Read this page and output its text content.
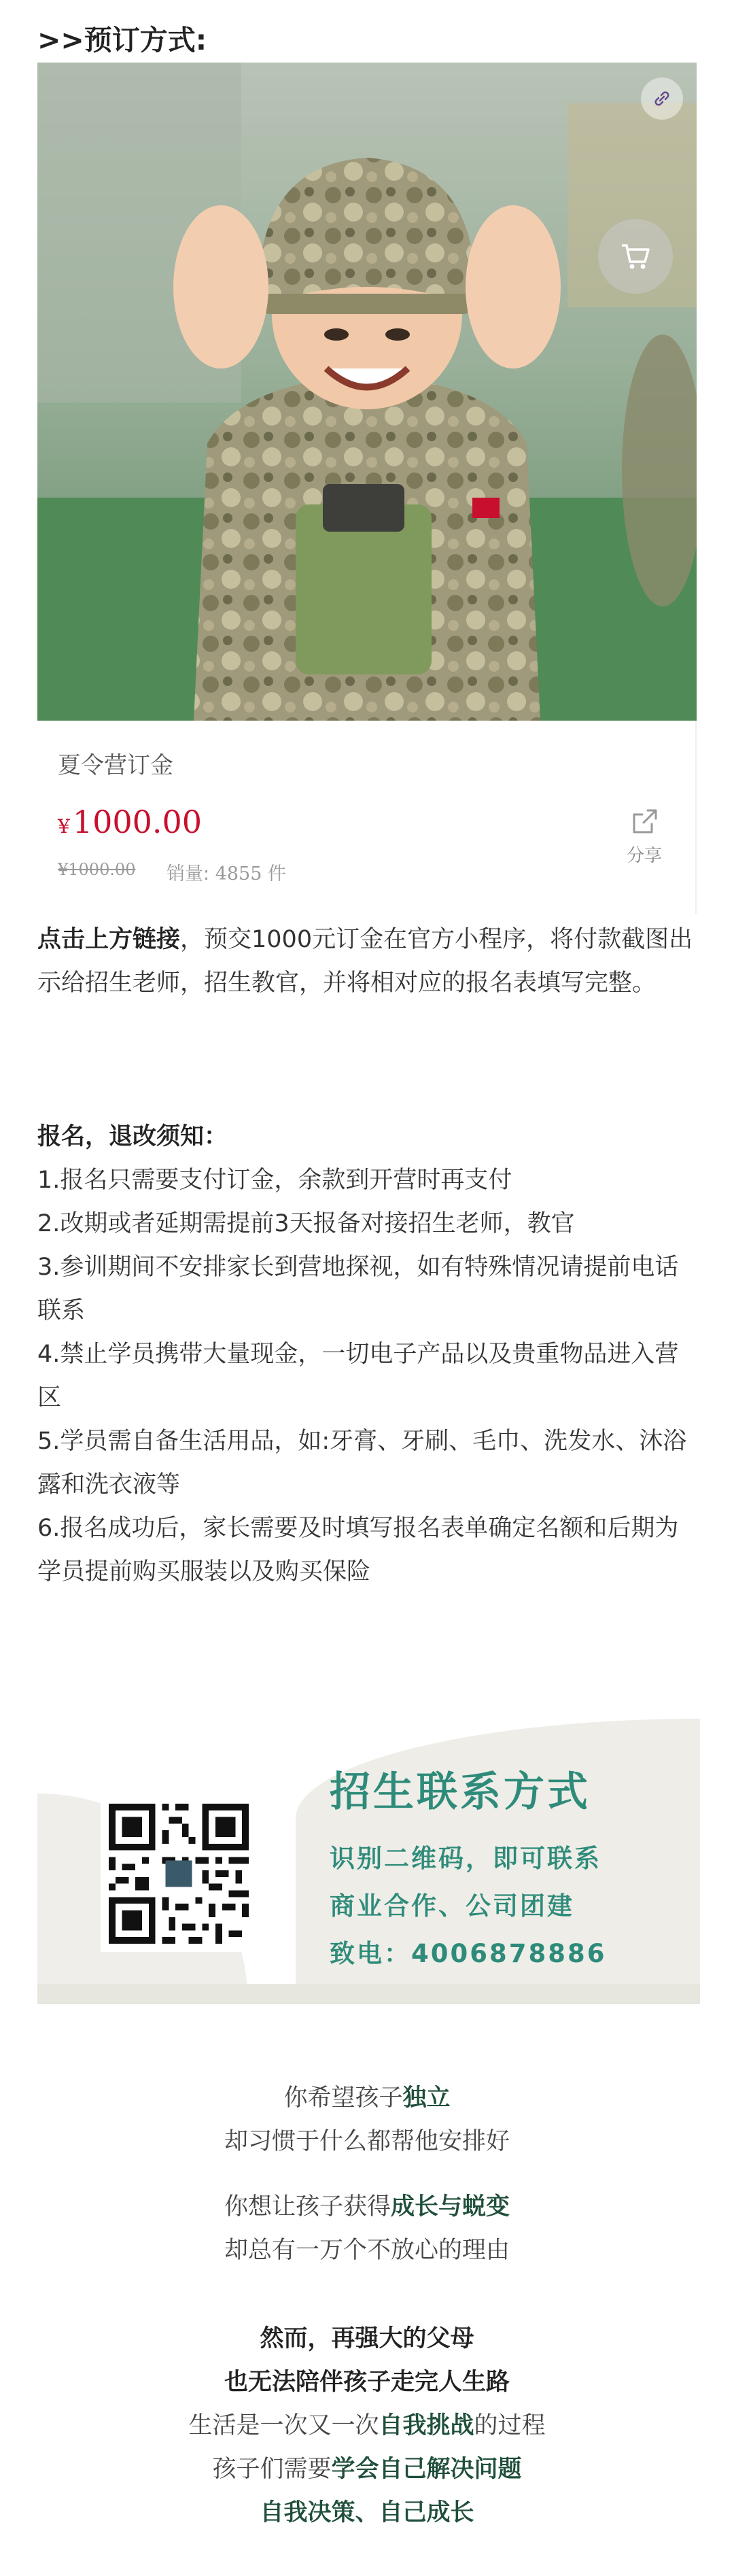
>>预订方式:
夏令营订金
¥1000.00
¥1000.00 销量: 4855 件
分享
点击上方链接，预交1000元订金在官方小程序，将付款截图出示给招生老师，招生教官，并将相对应的报名表填写完整。
报名，退改须知：
1.报名只需要支付订金，余款到开营时再支付
2.改期或者延期需提前3天报备对接招生老师，教官
3.参训期间不安排家长到营地探视，如有特殊情况请提前电话联系
4.禁止学员携带大量现金，一切电子产品以及贵重物品进入营区
5.学员需自备生活用品，如:牙膏、牙刷、毛巾、洗发水、沐浴露和洗衣液等
6.报名成功后，家长需要及时填写报名表单确定名额和后期为学员提前购买服装以及购买保险
招生联系方式
识别二维码，即可联系
商业合作、公司团建
致电：4006878886
你希望孩子独立
却习惯于什么都帮他安排好
你想让孩子获得成长与蜕变
却总有一万个不放心的理由
然而，再强大的父母
也无法陪伴孩子走完人生路
生活是一次又一次自我挑战的过程
孩子们需要学会自己解决问题
自我决策、自己成长
